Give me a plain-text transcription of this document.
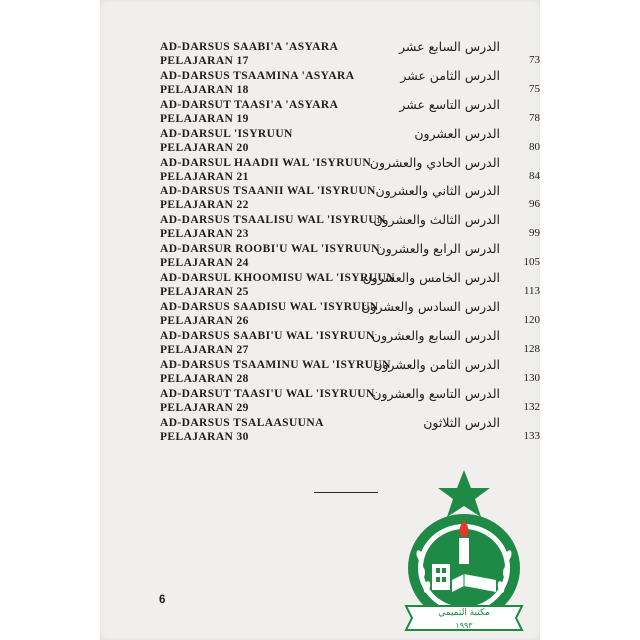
AD-DARSUS SAABI'A 'ASYARA	الدرس السابع عشر
PELAJARAN 17	73
AD-DARSUS TSAAMINA 'ASYARA	الدرس الثامن عشر
PELAJARAN 18	75
AD-DARSUT TAASI'A 'ASYARA	الدرس التاسع عشر
PELAJARAN 19	78
AD-DARSUL 'ISYRUUN	الدرس العشرون
PELAJARAN 20	80
AD-DARSUL HAADII WAL 'ISYRUUN
الدرس الحادي والعشرون
PELAJARAN 21	84
AD-DARSUS TSAANII WAL 'ISYRUUN الدرس الثاني والعشرون
PELAJARAN 22	96
AD-DARSUS TSAALISU WAL 'ISYRUUN
الدرس الثالث والعشرون
PELAJARAN 23	99
AD-DARSUR ROOBI'U WAL 'ISYRUUN
الدرس الرابع والعشرون
PELAJARAN 24	105
AD-DARSUL KHOOMISU WAL 'ISYRUUN
الدرس الخامس والعشرون
PELAJARAN 25	113
AD-DARSUS SAADISU WAL 'ISYRUUN
الدرس السادس والعشرون
PELAJARAN 26	120
AD-DARSUS SAABI'U WAL 'ISYRUUN
الدرس السابع والعشرون
PELAJARAN 27	128
AD-DARSUS TSAAMINU WAL 'ISYRUUN
الدرس الثامن والعشرون
PELAJARAN 28	130
AD-DARSUT TAASI'U WAL 'ISYRUUN
الدرس التاسع والعشرون
PELAJARAN 29	132
AD-DARSUS TSALAASUUNA	الدرس الثلاثون
PELAJARAN 30	133
6
مكتبة التميمي
١٩٩٣
